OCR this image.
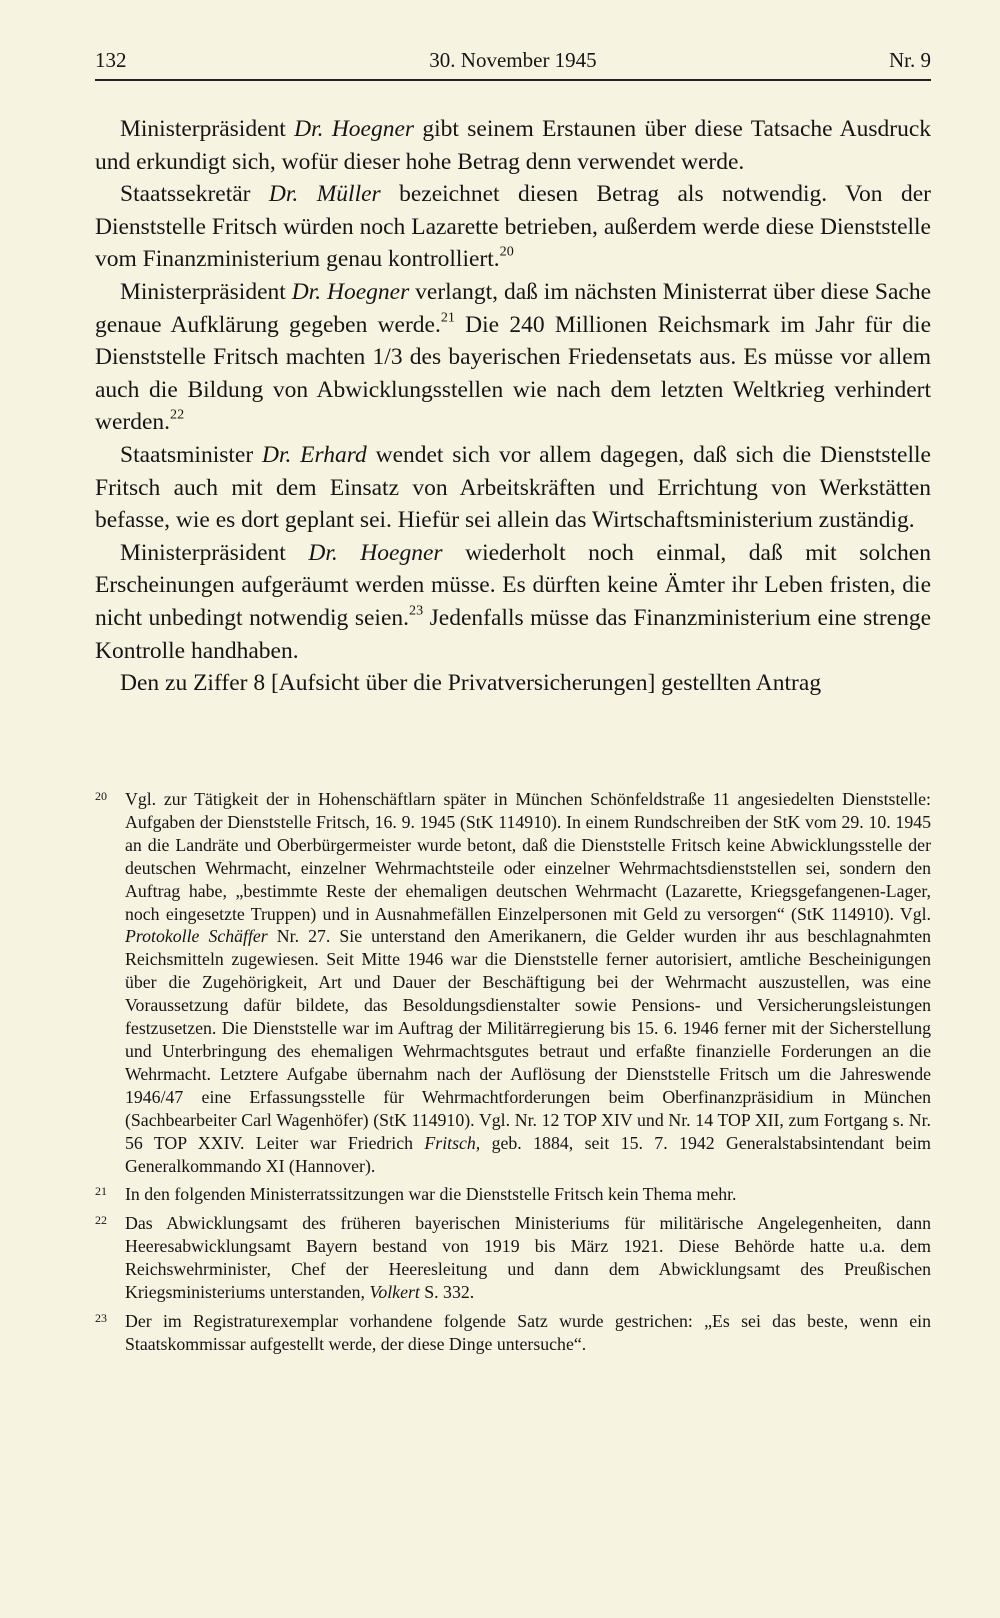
132	30. November 1945	Nr. 9

Ministerpräsident Dr. Hoegner gibt seinem Erstaunen über diese Tatsache Ausdruck und erkundigt sich, wofür dieser hohe Betrag denn verwendet werde.

Staatssekretär Dr. Müller bezeichnet diesen Betrag als notwendig. Von der Dienststelle Fritsch würden noch Lazarette betrieben, außerdem werde diese Dienststelle vom Finanzministerium genau kontrolliert.$^{20}$

Ministerpräsident Dr. Hoegner verlangt, daß im nächsten Ministerrat über diese Sache genaue Aufklärung gegeben werde.$^{21}$ Die 240 Millionen Reichsmark im Jahr für die Dienststelle Fritsch machten 1/3 des bayerischen Friedensetats aus. Es müsse vor allem auch die Bildung von Abwicklungsstellen wie nach dem letzten Weltkrieg verhindert werden.$^{22}$

Staatsminister Dr. Erhard wendet sich vor allem dagegen, daß sich die Dienststelle Fritsch auch mit dem Einsatz von Arbeitskräften und Errichtung von Werkstätten befasse, wie es dort geplant sei. Hiefür sei allein das Wirtschaftsministerium zuständig.

Ministerpräsident Dr. Hoegner wiederholt noch einmal, daß mit solchen Erscheinungen aufgeräumt werden müsse. Es dürften keine Ämter ihr Leben fristen, die nicht unbedingt notwendig seien.$^{23}$ Jedenfalls müsse das Finanzministerium eine strenge Kontrolle handhaben.

Den zu Ziffer 8 [Aufsicht über die Privatversicherungen] gestellten Antrag

20 Vgl. zur Tätigkeit der in Hohenschäftlarn später in München Schönfeldstraße 11 angesiedelten Dienststelle: Aufgaben der Dienststelle Fritsch, 16. 9. 1945 (StK 114910). In einem Rundschreiben der StK vom 29. 10. 1945 an die Landräte und Oberbürgermeister wurde betont, daß die Dienststelle Fritsch keine Abwicklungsstelle der deutschen Wehrmacht, einzelner Wehrmachtsteile oder einzelner Wehrmachtsdienststellen sei, sondern den Auftrag habe, „bestimmte Reste der ehemaligen deutschen Wehrmacht (Lazarette, Kriegsgefangenen-Lager, noch eingesetzte Truppen) und in Ausnahmefällen Einzelpersonen mit Geld zu versorgen“ (StK 114910). Vgl. Protokolle Schäffer Nr. 27. Sie unterstand den Amerikanern, die Gelder wurden ihr aus beschlagnahmten Reichsmitteln zugewiesen. Seit Mitte 1946 war die Dienststelle ferner autorisiert, amtliche Bescheinigungen über die Zugehörigkeit, Art und Dauer der Beschäftigung bei der Wehrmacht auszustellen, was eine Voraussetzung dafür bildete, das Besoldungsdienstalter sowie Pensions- und Versicherungsleistungen festzusetzen. Die Dienststelle war im Auftrag der Militärregierung bis 15. 6. 1946 ferner mit der Sicherstellung und Unterbringung des ehemaligen Wehrmachtsgutes betraut und erfaßte finanzielle Forderungen an die Wehrmacht. Letztere Aufgabe übernahm nach der Auflösung der Dienststelle Fritsch um die Jahreswende 1946/47 eine Erfassungsstelle für Wehrmachtforderungen beim Oberfinanzpräsidium in München (Sachbearbeiter Carl Wagenhöfer) (StK 114910). Vgl. Nr. 12 TOP XIV und Nr. 14 TOP XII, zum Fortgang s. Nr. 56 TOP XXIV. Leiter war Friedrich Fritsch, geb. 1884, seit 15. 7. 1942 Generalstabsintendant beim Generalkommando XI (Hannover).
21 In den folgenden Ministerratssitzungen war die Dienststelle Fritsch kein Thema mehr.
22 Das Abwicklungsamt des früheren bayerischen Ministeriums für militärische Angelegenheiten, dann Heeresabwicklungsamt Bayern bestand von 1919 bis März 1921. Diese Behörde hatte u.a. dem Reichswehrminister, Chef der Heeresleitung und dann dem Abwicklungsamt des Preußischen Kriegsministeriums unterstanden, Volkert S. 332.
23 Der im Registraturexemplar vorhandene folgende Satz wurde gestrichen: „Es sei das beste, wenn ein Staatskommissar aufgestellt werde, der diese Dinge untersuche“.
